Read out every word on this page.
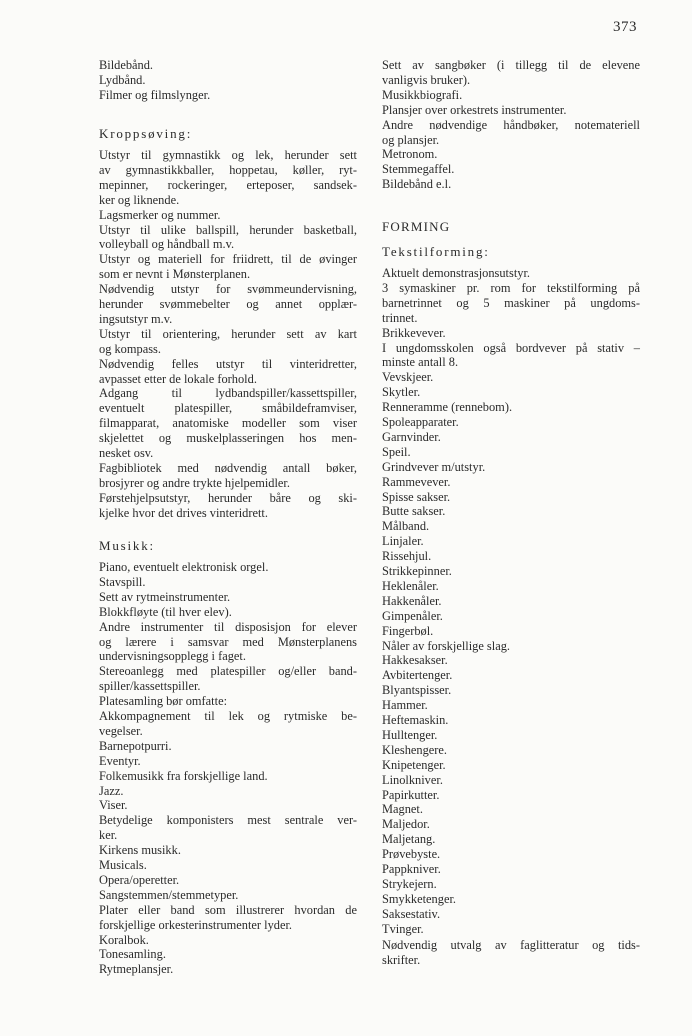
373
Bildebånd.
Lydbånd.
Filmer og filmslynger.
Kroppsøving:
Utstyr til gymnastikk og lek, herunder sett
av gymnastikkballer, hoppetau, køller, ryt-
mepinner, rockeringer, erteposer, sandsek-
ker og liknende.
Lagsmerker og nummer.
Utstyr til ulike ballspill, herunder basketball,
volleyball og håndball m.v.
Utstyr og materiell for friidrett, til de øvinger
som er nevnt i Mønsterplanen.
Nødvendig utstyr for svømmeundervisning,
herunder svømmebelter og annet opplær-
ingsutstyr m.v.
Utstyr til orientering, herunder sett av kart
og kompass.
Nødvendig felles utstyr til vinteridretter,
avpasset etter de lokale forhold.
Adgang til lydbandspiller/kassettspiller,
eventuelt platespiller, småbildeframviser,
filmapparat, anatomiske modeller som viser
skjelettet og muskelplasseringen hos men-
nesket osv.
Fagbibliotek med nødvendig antall bøker,
brosjyrer og andre trykte hjelpemidler.
Førstehjelpsutstyr, herunder båre og ski-
kjelke hvor det drives vinteridrett.
Musikk:
Piano, eventuelt elektronisk orgel.
Stavspill.
Sett av rytmeinstrumenter.
Blokkfløyte (til hver elev).
Andre instrumenter til disposisjon for elever
og lærere i samsvar med Mønsterplanens
undervisningsopplegg i faget.
Stereoanlegg med platespiller og/eller band-
spiller/kassettspiller.
Platesamling bør omfatte:
Akkompagnement til lek og rytmiske be-
vegelser.
Barnepotpurri.
Eventyr.
Folkemusikk fra forskjellige land.
Jazz.
Viser.
Betydelige komponisters mest sentrale ver-
ker.
Kirkens musikk.
Musicals.
Opera/operetter.
Sangstemmen/stemmetyper.
Plater eller band som illustrerer hvordan de
forskjellige orkesterinstrumenter lyder.
Koralbok.
Tonesamling.
Rytmeplansjer.
Sett av sangbøker (i tillegg til de elevene
vanligvis bruker).
Musikkbiografi.
Plansjer over orkestrets instrumenter.
Andre nødvendige håndbøker, notemateriell
og plansjer.
Metronom.
Stemmegaffel.
Bildebånd e.l.
FORMING
Tekstilforming:
Aktuelt demonstrasjonsutstyr.
3 symaskiner pr. rom for tekstilforming på
barnetrinnet og 5 maskiner på ungdoms-
trinnet.
Brikkevever.
I ungdomsskolen også bordvever på stativ –
minste antall 8.
Vevskjeer.
Skytler.
Renneramme (rennebom).
Spoleapparater.
Garnvinder.
Speil.
Grindvever m/utstyr.
Rammevever.
Spisse sakser.
Butte sakser.
Målband.
Linjaler.
Rissehjul.
Strikkepinner.
Heklenåler.
Hakkenåler.
Gimpenåler.
Fingerbøl.
Nåler av forskjellige slag.
Hakkesakser.
Avbitertenger.
Blyantspisser.
Hammer.
Heftemaskin.
Hulltenger.
Kleshengere.
Knipetenger.
Linolkniver.
Papirkutter.
Magnet.
Maljedor.
Maljetang.
Prøvebyste.
Pappkniver.
Strykejern.
Smykketenger.
Saksestativ.
Tvinger.
Nødvendig utvalg av faglitteratur og tids-
skrifter.
